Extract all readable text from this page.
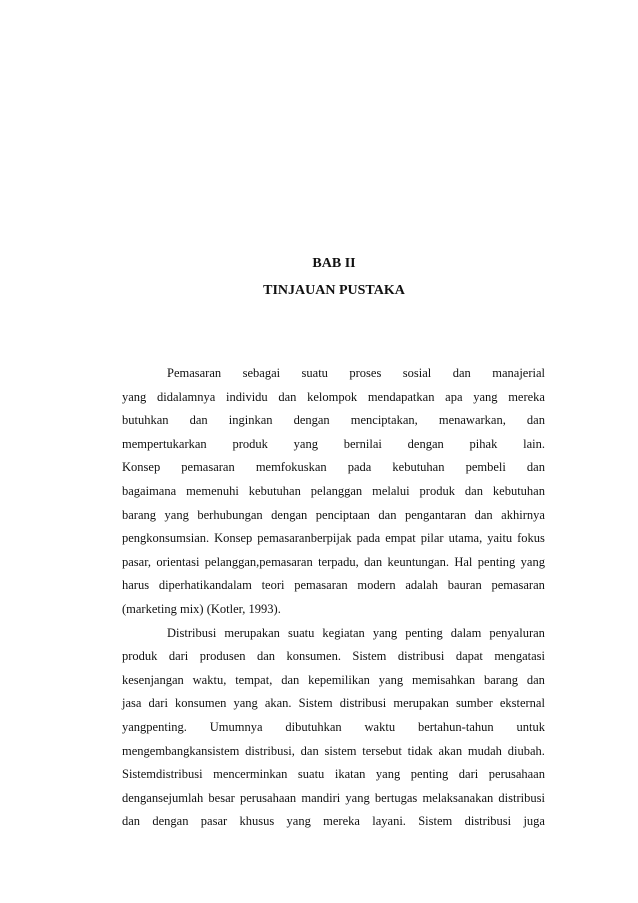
BAB II
TINJAUAN PUSTAKA
Pemasaran sebagai suatu proses sosial dan manajerial
yang didalamnya individu dan kelompok mendapatkan apa yang mereka
butuhkan dan inginkan dengan menciptakan, menawarkan, dan
mempertukarkan produk yang bernilai dengan pihak lain.
Konsep pemasaran memfokuskan pada kebutuhan pembeli dan
bagaimana memenuhi kebutuhan pelanggan melalui produk dan kebutuhan
barang yang berhubungan dengan penciptaan dan pengantaran dan akhirnya
pengkonsumsian. Konsep pemasaranberpijak pada empat pilar utama, yaitu fokus
pasar, orientasi pelanggan,pemasaran terpadu, dan keuntungan. Hal penting yang
harus diperhatikandalam teori pemasaran modern adalah bauran pemasaran
(marketing mix) (Kotler, 1993).
Distribusi merupakan suatu kegiatan yang penting dalam penyaluran
produk dari produsen dan konsumen. Sistem distribusi dapat mengatasi
kesenjangan waktu, tempat, dan kepemilikan yang memisahkan barang dan
jasa dari konsumen yang akan. Sistem distribusi merupakan sumber eksternal
yangpenting. Umumnya dibutuhkan waktu bertahun-tahun untuk
mengembangkansistem distribusi, dan sistem tersebut tidak akan mudah diubah.
Sistemdistribusi mencerminkan suatu ikatan yang penting dari perusahaan
dengansejumlah besar perusahaan mandiri yang bertugas melaksanakan distribusi
dan dengan pasar khusus yang mereka layani. Sistem distribusi juga
